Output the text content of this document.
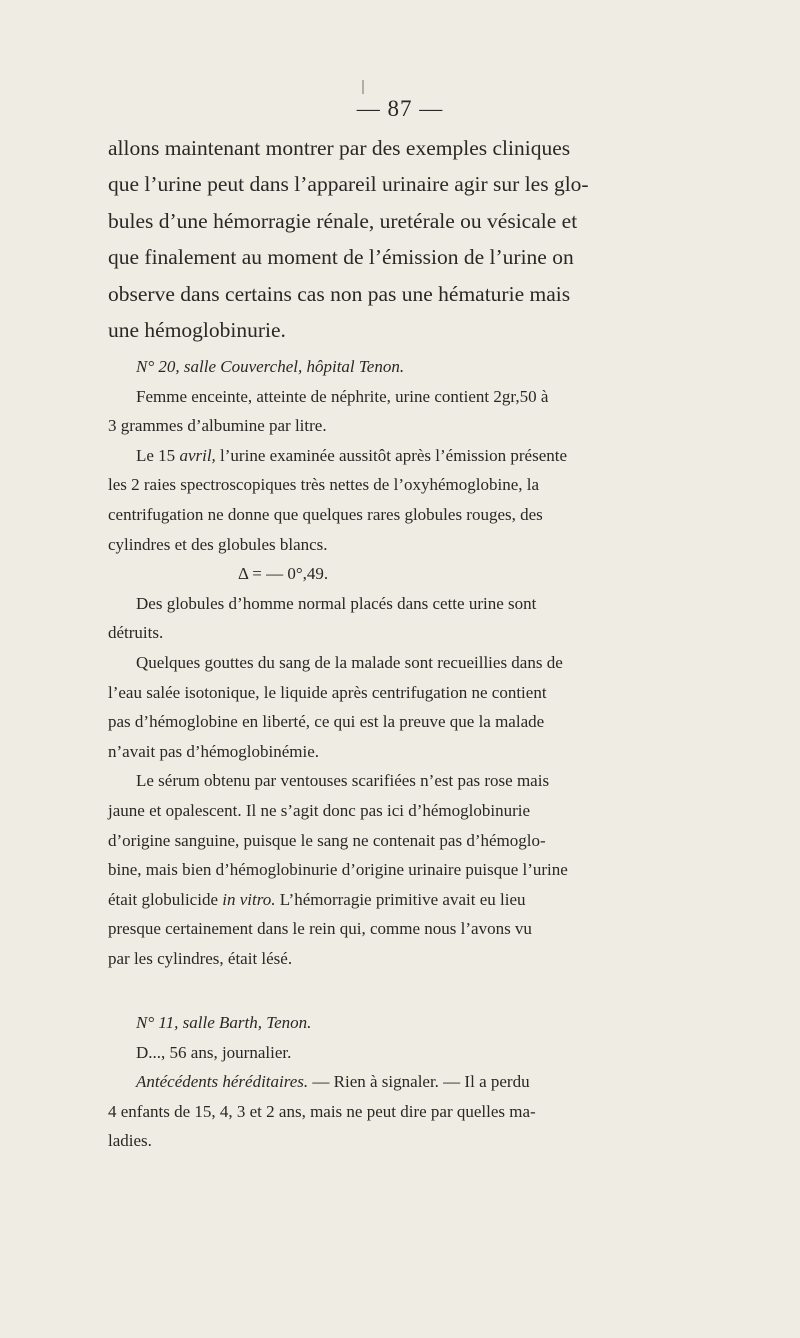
— 87 —
allons maintenant montrer par des exemples cliniques
que l’urine peut dans l’appareil urinaire agir sur les glo-
bules d’une hémorragie rénale, uretérale ou vésicale et
que finalement au moment de l’émission de l’urine on
observe dans certains cas non pas une hématurie mais
une hémoglobinurie.
N° 20, salle Couverchel, hôpital Tenon.
Femme enceinte, atteinte de néphrite, urine contient 2gr,50 à
3 grammes d’albumine par litre.
Le 15 avril, l’urine examinée aussitôt après l’émission présente
les 2 raies spectroscopiques très nettes de l’oxyhémoglobine, la
centrifugation ne donne que quelques rares globules rouges, des
cylindres et des globules blancs.
Δ = — 0°,49.
Des globules d’homme normal placés dans cette urine sont
détruits.
Quelques gouttes du sang de la malade sont recueillies dans de
l’eau salée isotonique, le liquide après centrifugation ne contient
pas d’hémoglobine en liberté, ce qui est la preuve que la malade
n’avait pas d’hémoglobinémie.
Le sérum obtenu par ventouses scarifiées n’est pas rose mais
jaune et opalescent. Il ne s’agit donc pas ici d’hémoglobinurie
d’origine sanguine, puisque le sang ne contenait pas d’hémoglo-
bine, mais bien d’hémoglobinurie d’origine urinaire puisque l’urine
était globulicide in vitro. L’hémorragie primitive avait eu lieu
presque certainement dans le rein qui, comme nous l’avons vu
par les cylindres, était lésé.
N° 11, salle Barth, Tenon.
D..., 56 ans, journalier.
Antécédents héréditaires. — Rien à signaler. — Il a perdu
4 enfants de 15, 4, 3 et 2 ans, mais ne peut dire par quelles ma-
ladies.
